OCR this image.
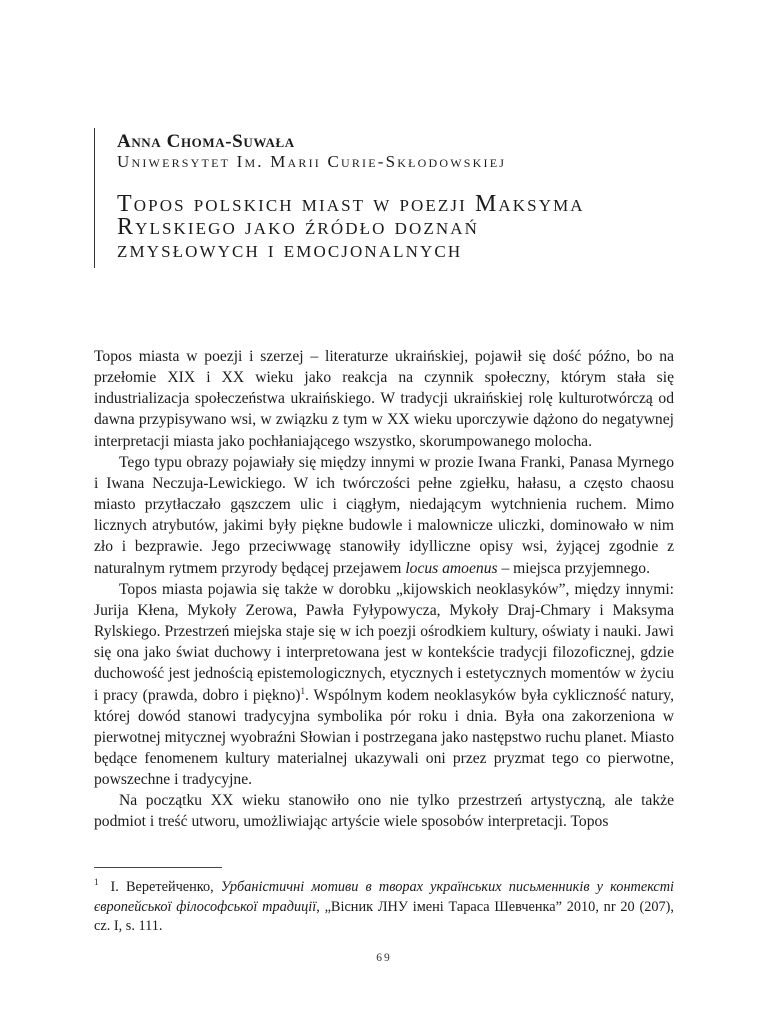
Anna Choma-Suwała
Uniwersytet Im. Marii Curie-Skłodowskiej
Topos polskich miast w poezji Maksyma
Rylskiego jako źródło doznań
zmysłowych i emocjonalnych

Topos miasta w poezji i szerzej – literaturze ukraińskiej, pojawił się dość późno, bo na przełomie XIX i XX wieku jako reakcja na czynnik społeczny, którym stała się industrializacja społeczeństwa ukraińskiego. W tradycji ukraińskiej rolę kulturotwórczą od dawna przypisywano wsi, w związku z tym w XX wieku uporczywie dążono do negatywnej interpretacji miasta jako pochłaniającego wszystko, skorumpowanego molocha.

Tego typu obrazy pojawiały się między innymi w prozie Iwana Franki, Panasa Myrnego i Iwana Neczuja-Lewickiego. W ich twórczości pełne zgiełku, hałasu, a często chaosu miasto przytłaczało gąszczem ulic i ciągłym, niedającym wytchnienia ruchem. Mimo licznych atrybutów, jakimi były piękne budowle i malownicze uliczki, dominowało w nim zło i bezprawie. Jego przeciwwagę stanowiły idylliczne opisy wsi, żyjącej zgodnie z naturalnym rytmem przyrody będącej przejawem locus amoenus – miejsca przyjemnego.

Topos miasta pojawia się także w dorobku „kijowskich neoklasyków”, między innymi: Jurija Kłena, Mykoły Zerowa, Pawła Fyłypowycza, Mykoły Draj-Chmary i Maksyma Rylskiego. Przestrzeń miejska staje się w ich poezji ośrodkiem kultury, oświaty i nauki. Jawi się ona jako świat duchowy i interpretowana jest w kontekście tradycji filozoficznej, gdzie duchowość jest jednością epistemologicznych, etycznych i estetycznych momentów w życiu i pracy (prawda, dobro i piękno)$^1$. Wspólnym kodem neoklasyków była cykliczność natury, której dowód stanowi tradycyjna symbolika pór roku i dnia. Była ona zakorzeniona w pierwotnej mitycznej wyobraźni Słowian i postrzegana jako następstwo ruchu planet. Miasto będące fenomenem kultury materialnej ukazywali oni przez pryzmat tego co pierwotne, powszechne i tradycyjne.

Na początku XX wieku stanowiło ono nie tylko przestrzeń artystyczną, ale także podmiot i treść utworu, umożliwiając artyście wiele sposobów interpretacji. Topos

$^1$ І. Веретейченко, Урбаністичні мотиви в творах українських письменників у контексті європейської філософської традиції, „Вісник ЛНУ імені Тараса Шевченка” 2010, nr 20 (207), cz. I, s. 111.
69
